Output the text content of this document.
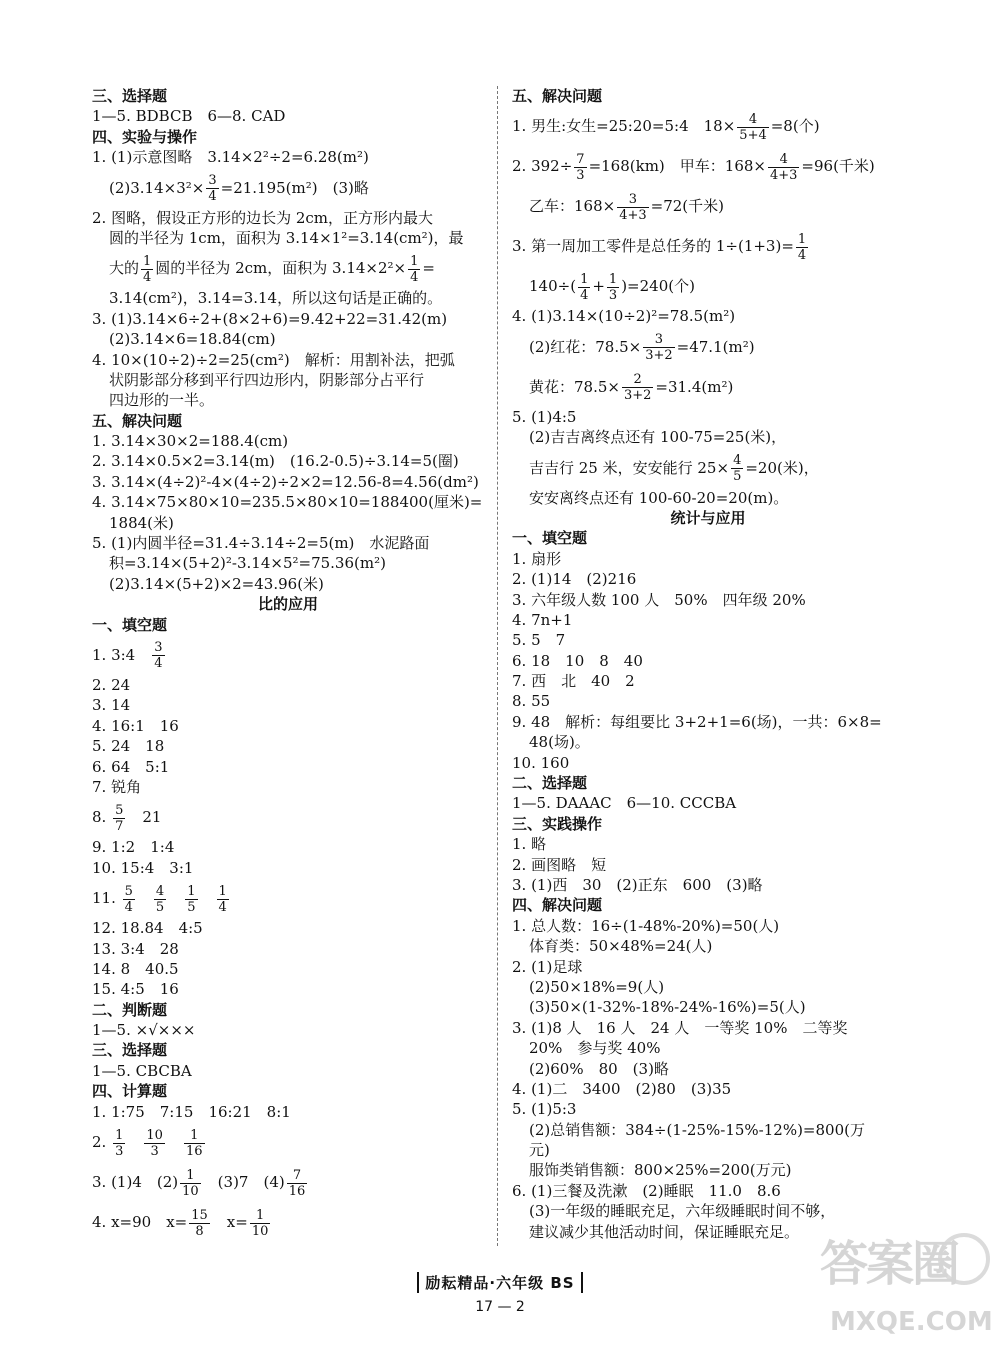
三、选择题
1—5. BDBCB　6—8. CAD
四、实验与操作
1. (1)示意图略　3.14×2²÷2=6.28(m²)
$(2)3.14\times 3^2\times \frac{3}{4} =21.195(m^2)$　(3)略
2. 图略，假设正方形的边长为 2cm，正方形内最大
圆的半径为 1cm，面积为 3.14×1²=3.14(cm²)，最
大的 $\frac{1}{4}$ 圆的半径为 2cm，面积为 $3.14\times 2^2\times \frac{1}{4}$ =
3.14(cm²)，3.14=3.14，所以这句话是正确的。
3. (1)3.14×6÷2+(8×2+6)=9.42+22=31.42(m)
(2)3.14×6=18.84(cm)
4. 10×(10÷2)÷2=25(cm²)　解析：用割补法，把弧
状阴影部分移到平行四边形内，阴影部分占平行
四边形的一半。
五、解决问题
1. 3.14×30×2=188.4(cm)
2. 3.14×0.5×2=3.14(m)　(16.2-0.5)÷3.14=5(圈)
3. 3.14×(4÷2)²-4×(4÷2)÷2×2=12.56-8=4.56(dm²)
4. 3.14×75×80×10=235.5×80×10=188400(厘米)=
1884(米)
5. (1)内圆半径=31.4÷3.14÷2=5(m)　水泥路面
积=3.14×(5+2)²-3.14×5²=75.36(m²)
(2)3.14×(5+2)×2=43.96(米)
比的应用
一、填空题
1. 3:4　 $\frac{3}{4}$
2. 24
3. 14
4. 16:1　16
5. 24　18
6. 64　5:1
7. 锐角
8. $\frac{5}{7}$ 　21
9. 1:2　1:4
10. 15:4　3:1
11. $\frac{5}{4}$
　 $\frac{4}{5}$
　 $\frac{1}{5}$
　 $\frac{1}{4}$
12. 18.84　4:5
13. 3:4　28
14. 8　40.5
15. 4:5　16
二、判断题
1—5. ×√×××
三、选择题
1—5. CBCBA
四、计算题
1. 1:75　7:15　16:21　8:1
2. $\frac{1}{3}$
　 $\frac{10}{3}$
　 $\frac{1}{16}$
3. (1)4　$(2) \frac{1}{10}$ 　(3)7　$(4) \frac{7}{16}$
4. x=90　$x= \frac{15}{8}$ 　$x= \frac{1}{10}$
五、解决问题
1. 男生:女生=25:20=5:4　$18\times \frac{4}{5+4} =8$(个)
2. $392\div \frac{7}{3} =168(km)$　甲车：$168\times \frac{4}{4+3} =96$(千米)
乙车：$168\times \frac{3}{4+3} =72$(千米)
3. 第一周加工零件是总任务的 $1\div(1+3)= \frac{1}{4}$
$140\div( \frac{1}{4} + \frac{1}{3} )=240$(个)
4. (1)3.14×(10÷2)²=78.5(m²)
(2)红花：$78.5\times \frac{3}{3+2} =47.1(m^2)$
黄花：$78.5\times \frac{2}{3+2} =31.4(m^2)$
5. (1)4:5
(2)吉吉离终点还有 100-75=25(米)，
吉吉行 25 米，安安能行 $25\times \frac{4}{5} =20$(米)，
安安离终点还有 100-60-20=20(m)。
统计与应用
一、填空题
1. 扇形
2. (1)14　(2)216
3. 六年级人数 100 人　50%　四年级 20%
4. 7n+1
5. 5　7
6. 18　10　8　40
7. 西　北　40　2
8. 55
9. 48　解析：每组要比 3+2+1=6(场)，一共：6×8=
48(场)。
10. 160
二、选择题
1—5. DAAAC　6—10. CCCBA
三、实践操作
1. 略
2. 画图略　短
3. (1)西　30　(2)正东　600　(3)略
四、解决问题
1. 总人数：16÷(1-48%-20%)=50(人)
体育类：50×48%=24(人)
2. (1)足球
(2)50×18%=9(人)
(3)50×(1-32%-18%-24%-16%)=5(人)
3. (1)8 人　16 人　24 人　一等奖 10%　二等奖
20%　参与奖 40%
(2)60%　80　(3)略
4. (1)二　3400　(2)80　(3)35
5. (1)5:3
(2)总销售额：384÷(1-25%-15%-12%)=800(万
元)
服饰类销售额：800×25%=200(万元)
6. (1)三餐及洗漱　(2)睡眠　11.0　8.6
(3)一年级的睡眠充足，六年级睡眠时间不够，
建议减少其他活动时间，保证睡眠充足。
励耘精品·六年级 BS
17 — 2
答案圈
MXQE.COM
